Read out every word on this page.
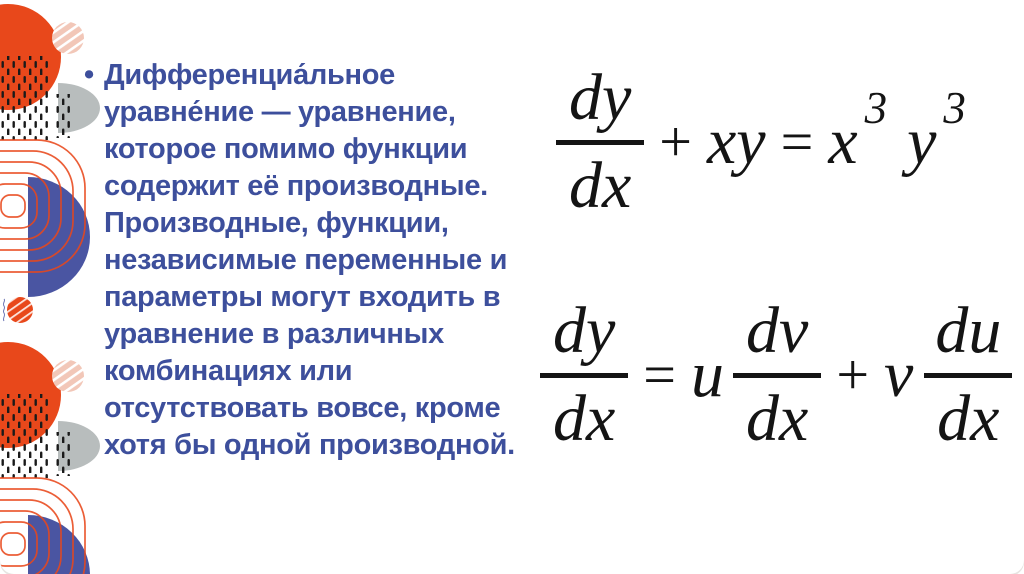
• Дифференциа́льное
уравне́ние — уравнение,
которое помимо функции
содержит её производные.
Производные, функции,
независимые переменные и
параметры могут входить в
уравнение в различных
комбинациях или
отсутствовать вовсе, кроме
хотя бы одной производной.
$\frac{dy}{dx}$ + xy = x 3 y 3
$\frac{dy}{dx} = u \frac{dv}{dx} + v \frac{du}{dx}$
